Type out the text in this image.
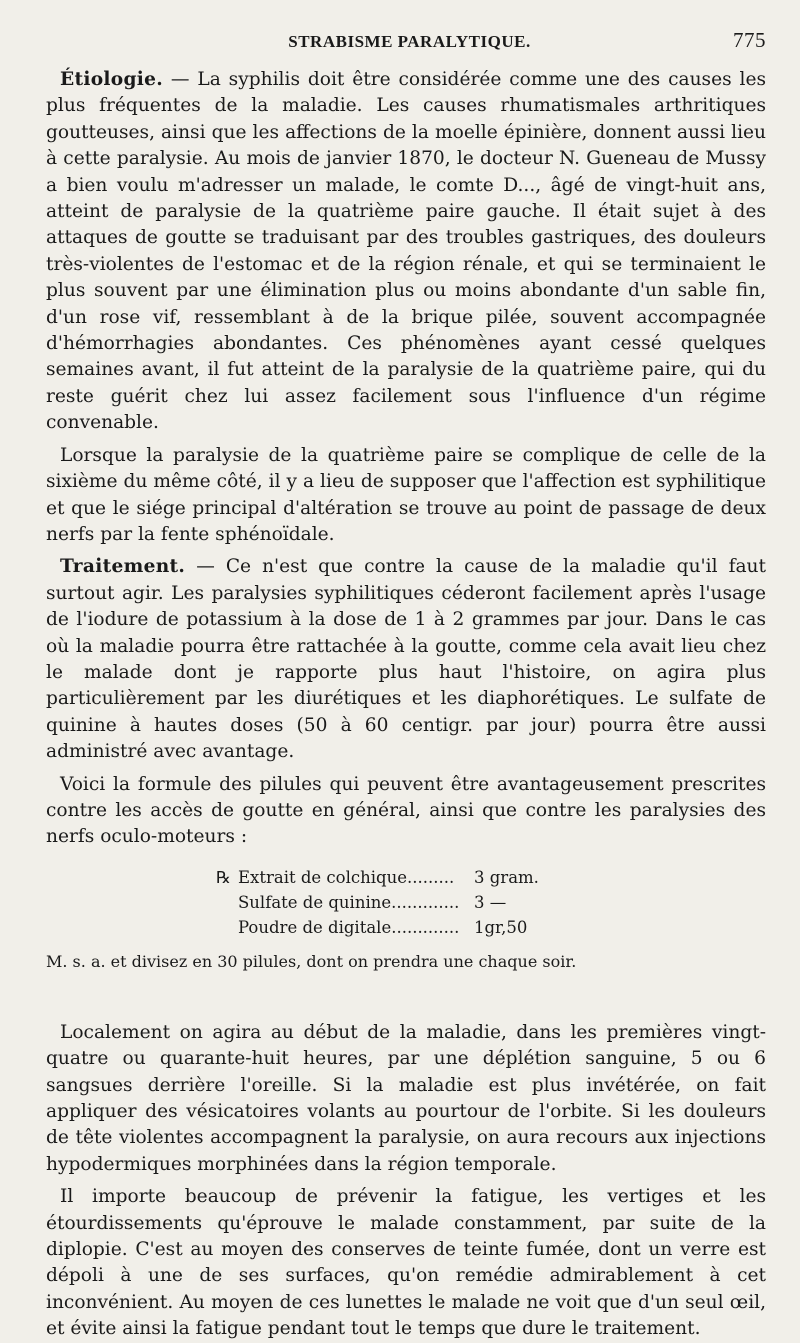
STRABISME PARALYTIQUE.	775

Étiologie. — La syphilis doit être considérée comme une des causes les plus fréquentes de la maladie. Les causes rhumatismales arthritiques goutteuses, ainsi que les affections de la moelle épinière, donnent aussi lieu à cette paralysie. Au mois de janvier 1870, le docteur N. Gueneau de Mussy a bien voulu m'adresser un malade, le comte D..., âgé de vingt-huit ans, atteint de paralysie de la quatrième paire gauche. Il était sujet à des attaques de goutte se traduisant par des troubles gastriques, des douleurs très-violentes de l'estomac et de la région rénale, et qui se terminaient le plus souvent par une élimination plus ou moins abondante d'un sable fin, d'un rose vif, ressemblant à de la brique pilée, souvent accompagnée d'hémorrhagies abondantes. Ces phénomènes ayant cessé quelques semaines avant, il fut atteint de la paralysie de la quatrième paire, qui du reste guérit chez lui assez facilement sous l'influence d'un régime convenable.

Lorsque la paralysie de la quatrième paire se complique de celle de la sixième du même côté, il y a lieu de supposer que l'affection est syphilitique et que le siége principal d'altération se trouve au point de passage de deux nerfs par la fente sphénoïdale.

Traitement. — Ce n'est que contre la cause de la maladie qu'il faut surtout agir. Les paralysies syphilitiques céderont facilement après l'usage de l'iodure de potassium à la dose de 1 à 2 grammes par jour. Dans le cas où la maladie pourra être rattachée à la goutte, comme cela avait lieu chez le malade dont je rapporte plus haut l'histoire, on agira plus particulièrement par les diurétiques et les diaphorétiques. Le sulfate de quinine à hautes doses (50 à 60 centigr. par jour) pourra être aussi administré avec avantage.

Voici la formule des pilules qui peuvent être avantageusement prescrites contre les accès de goutte en général, ainsi que contre les paralysies des nerfs oculo-moteurs :

℞ Extrait de colchique.........	3 gram.
Sulfate de quinine............. 3 —
Poudre de digitale............. 1gr,50
M. s. a. et divisez en 30 pilules, dont on prendra une chaque soir.

Localement on agira au début de la maladie, dans les premières vingt-quatre ou quarante-huit heures, par une déplétion sanguine, 5 ou 6 sangsues derrière l'oreille. Si la maladie est plus invétérée, on fait appliquer des vésicatoires volants au pourtour de l'orbite. Si les douleurs de tête violentes accompagnent la paralysie, on aura recours aux injections hypodermiques morphinées dans la région temporale.

Il importe beaucoup de prévenir la fatigue, les vertiges et les étourdissements qu'éprouve le malade constamment, par suite de la diplopie. C'est au moyen des conserves de teinte fumée, dont un verre est dépoli à une de ses surfaces, qu'on remédie admirablement à cet inconvénient. Au moyen de ces lunettes le malade ne voit que d'un seul œil, et évite ainsi la fatigue pendant tout le temps que dure le traitement.
